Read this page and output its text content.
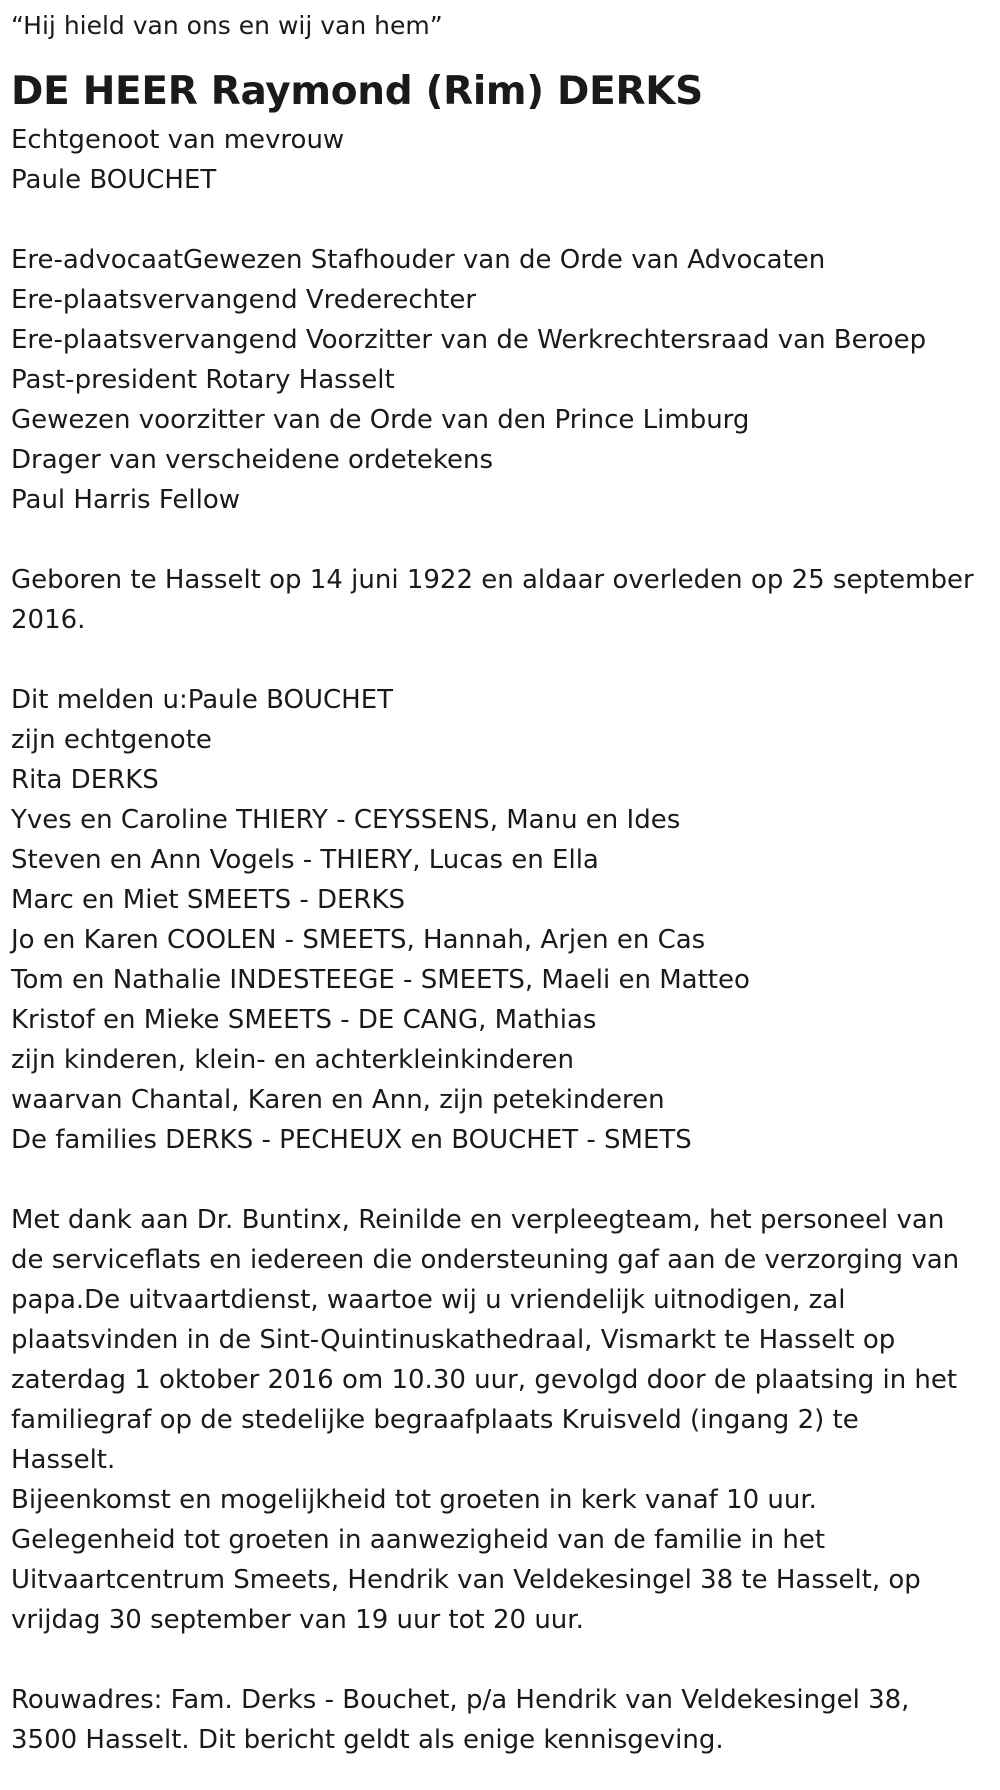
“Hij hield van ons en wij van hem”
DE HEER Raymond (Rim) DERKS
Echtgenoot van mevrouw
Paule BOUCHET
Ere-advocaatGewezen Stafhouder van de Orde van Advocaten
Ere-plaatsvervangend Vrederechter
Ere-plaatsvervangend Voorzitter van de Werkrechtersraad van Beroep
Past-president Rotary Hasselt
Gewezen voorzitter van de Orde van den Prince Limburg
Drager van verscheidene ordetekens
Paul Harris Fellow
Geboren te Hasselt op 14 juni 1922 en aldaar overleden op 25 september
2016.
Dit melden u:Paule BOUCHET
zijn echtgenote
Rita DERKS
Yves en Caroline THIERY - CEYSSENS, Manu en Ides
Steven en Ann Vogels - THIERY, Lucas en Ella
Marc en Miet SMEETS - DERKS
Jo en Karen COOLEN - SMEETS, Hannah, Arjen en Cas
Tom en Nathalie INDESTEEGE - SMEETS, Maeli en Matteo
Kristof en Mieke SMEETS - DE CANG, Mathias
zijn kinderen, klein- en achterkleinkinderen
waarvan Chantal, Karen en Ann, zijn petekinderen
De families DERKS - PECHEUX en BOUCHET - SMETS
Met dank aan Dr. Buntinx, Reinilde en verpleegteam, het personeel van
de serviceflats en iedereen die ondersteuning gaf aan de verzorging van
papa.De uitvaartdienst, waartoe wij u vriendelijk uitnodigen, zal
plaatsvinden in de Sint-Quintinuskathedraal, Vismarkt te Hasselt op
zaterdag 1 oktober 2016 om 10.30 uur, gevolgd door de plaatsing in het
familiegraf op de stedelijke begraafplaats Kruisveld (ingang 2) te
Hasselt.
Bijeenkomst en mogelijkheid tot groeten in kerk vanaf 10 uur.
Gelegenheid tot groeten in aanwezigheid van de familie in het
Uitvaartcentrum Smeets, Hendrik van Veldekesingel 38 te Hasselt, op
vrijdag 30 september van 19 uur tot 20 uur.
Rouwadres: Fam. Derks - Bouchet, p/a Hendrik van Veldekesingel 38,
3500 Hasselt. Dit bericht geldt als enige kennisgeving.
